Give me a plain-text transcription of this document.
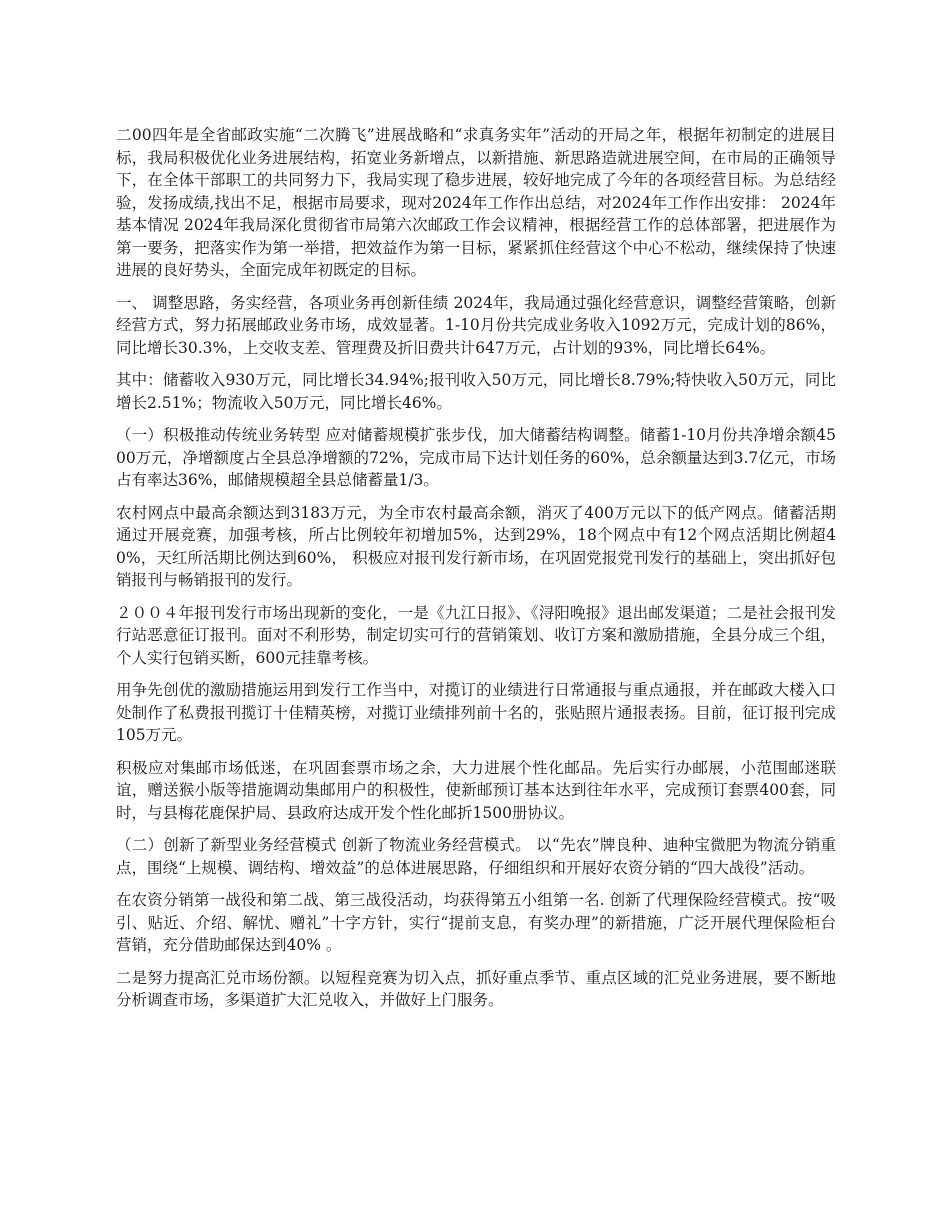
二00四年是全省邮政实施“二次腾飞”进展战略和“求真务实年”活动的开局之年，根据年初制定的进展目标，我局积极优化业务进展结构，拓宽业务新增点，以新措施、新思路造就进展空间，在市局的正确领导下，在全体干部职工的共同努力下，我局实现了稳步进展，较好地完成了今年的各项经营目标。为总结经验，发扬成绩,找出不足，根据市局要求，现对2024年工作作出总结，对2024年工作作出安排： 2024年基本情况 2024年我局深化贯彻省市局第六次邮政工作会议精神，根据经营工作的总体部署，把进展作为第一要务，把落实作为第一举措，把效益作为第一目标，紧紧抓住经营这个中心不松动，继续保持了快速进展的良好势头，全面完成年初既定的目标。

一、 调整思路，务实经营，各项业务再创新佳绩 2024年，我局通过强化经营意识，调整经营策略，创新经营方式，努力拓展邮政业务市场，成效显著。1-10月份共完成业务收入1092万元，完成计划的86%，同比增长30.3%，上交收支差、管理费及折旧费共计647万元，占计划的93%，同比增长64%。

其中：储蓄收入930万元，同比增长34.94%;报刊收入50万元，同比增长8.79%;特快收入50万元，同比增长2.51%；物流收入50万元，同比增长46%。

（一）积极推动传统业务转型 应对储蓄规模扩张步伐，加大储蓄结构调整。储蓄1-10月份共净增余额4500万元，净增额度占全县总净增额的72%，完成市局下达计划任务的60%，总余额量达到3.7亿元，市场占有率达36%，邮储规模超全县总储蓄量1/3。

农村网点中最高余额达到3183万元，为全市农村最高余额，消灭了400万元以下的低产网点。储蓄活期通过开展竞赛，加强考核，所占比例较年初增加5%，达到29%，18个网点中有12个网点活期比例超40%，天红所活期比例达到60%， 积极应对报刊发行新市场，在巩固党报党刊发行的基础上，突出抓好包销报刊与畅销报刊的发行。

２００４年报刊发行市场出现新的变化，一是《九江日报》、《浔阳晚报》退出邮发渠道；二是社会报刊发行站恶意征订报刊。面对不利形势，制定切实可行的营销策划、收订方案和激励措施，全县分成三个组，个人实行包销买断，600元挂靠考核。

用争先创优的激励措施运用到发行工作当中，对揽订的业绩进行日常通报与重点通报，并在邮政大楼入口处制作了私费报刊揽订十佳精英榜，对揽订业绩排列前十名的，张贴照片通报表扬。目前，征订报刊完成105万元。

积极应对集邮市场低迷，在巩固套票市场之余，大力进展个性化邮品。先后实行办邮展，小范围邮迷联谊，赠送猴小版等措施调动集邮用户的积极性，使新邮预订基本达到往年水平，完成预订套票400套，同时，与县梅花鹿保护局、县政府达成开发个性化邮折1500册协议。

（二）创新了新型业务经营模式 创新了物流业务经营模式。 以“先农”牌良种、迪种宝微肥为物流分销重点，围绕“上规模、调结构、增效益”的总体进展思路，仔细组织和开展好农资分销的“四大战役”活动。

在农资分销第一战役和第二战、第三战役活动，均获得第五小组第一名. 创新了代理保险经营模式。按“吸引、贴近、介绍、解忧、赠礼”十字方针，实行“提前支息，有奖办理”的新措施，广泛开展代理保险柜台营销，充分借助邮保达到40% 。

二是努力提高汇兑市场份额。以短程竞赛为切入点，抓好重点季节、重点区域的汇兑业务进展，要不断地分析调查市场，多渠道扩大汇兑收入，并做好上门服务。
